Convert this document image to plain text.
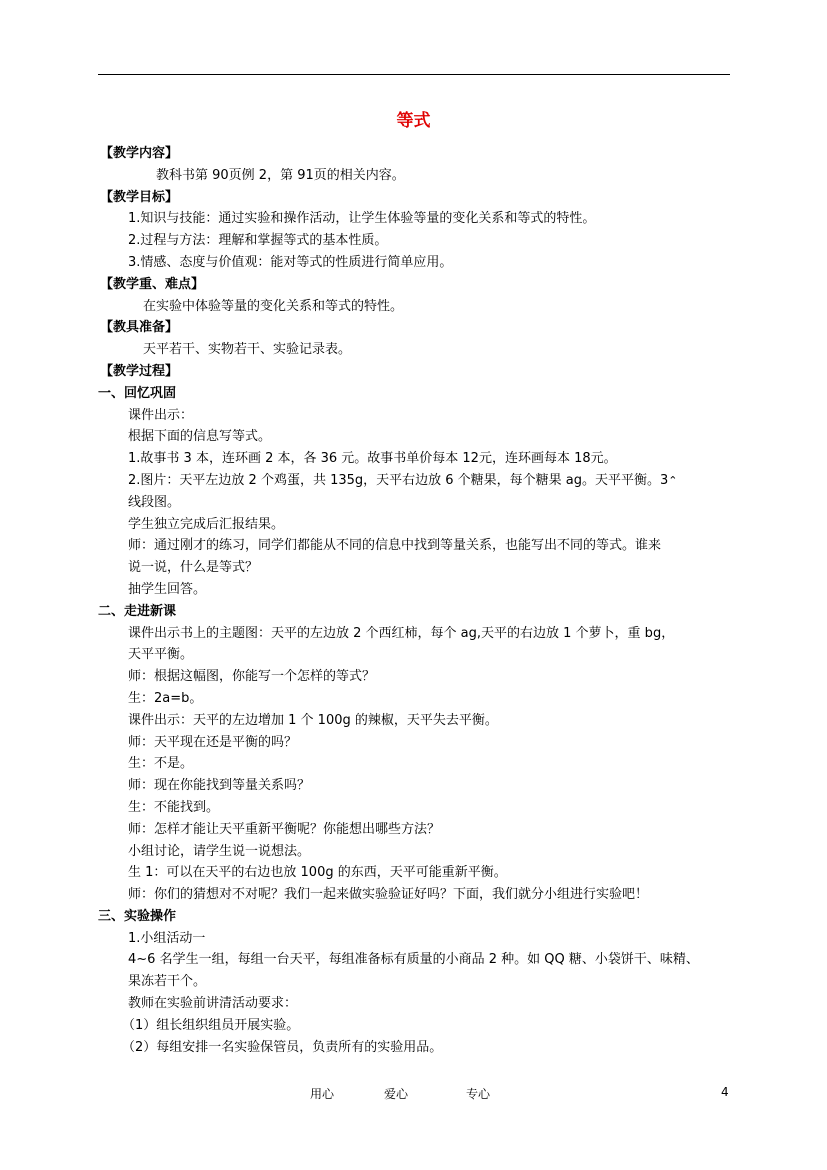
等式
【教学内容】
教科书第 90页例 2，第 91页的相关内容。
【教学目标】
1.知识与技能：通过实验和操作活动，让学生体验等量的变化关系和等式的特性。
2.过程与方法：理解和掌握等式的基本性质。
3.情感、态度与价值观：能对等式的性质进行简单应用。
【教学重、难点】
在实验中体验等量的变化关系和等式的特性。
【教具准备】
天平若干、实物若干、实验记录表。
【教学过程】
一、回忆巩固
课件出示：
根据下面的信息写等式。
1.故事书 3 本，连环画 2 本，各 36 元。故事书单价每本 12元，连环画每本 18元。
2.图片：天平左边放 2 个鸡蛋，共 135g，天平右边放 6 个糖果，每个糖果 ag。天平平衡。3⌃
线段图。
学生独立完成后汇报结果。
师：通过刚才的练习，同学们都能从不同的信息中找到等量关系，也能写出不同的等式。谁来
说一说，什么是等式？
抽学生回答。
二、走进新课
课件出示书上的主题图：天平的左边放 2 个西红柿，每个 ag,天平的右边放 1 个萝卜，重 bg，
天平平衡。
师：根据这幅图，你能写一个怎样的等式？
生：2a=b。
课件出示：天平的左边增加 1 个 100g 的辣椒，天平失去平衡。
师：天平现在还是平衡的吗？
生：不是。
师：现在你能找到等量关系吗？
生：不能找到。
师：怎样才能让天平重新平衡呢？你能想出哪些方法？
小组讨论，请学生说一说想法。
生 1：可以在天平的右边也放 100g 的东西，天平可能重新平衡。
师：你们的猜想对不对呢？我们一起来做实验验证好吗？下面，我们就分小组进行实验吧！
三、实验操作
1.小组活动一
4~6 名学生一组，每组一台天平，每组准备标有质量的小商品 2 种。如 QQ 糖、小袋饼干、味精、
果冻若干个。
教师在实验前讲清活动要求：
（1）组长组织组员开展实验。
（2）每组安排一名实验保管员，负责所有的实验用品。
用心	爱心	专心	4
